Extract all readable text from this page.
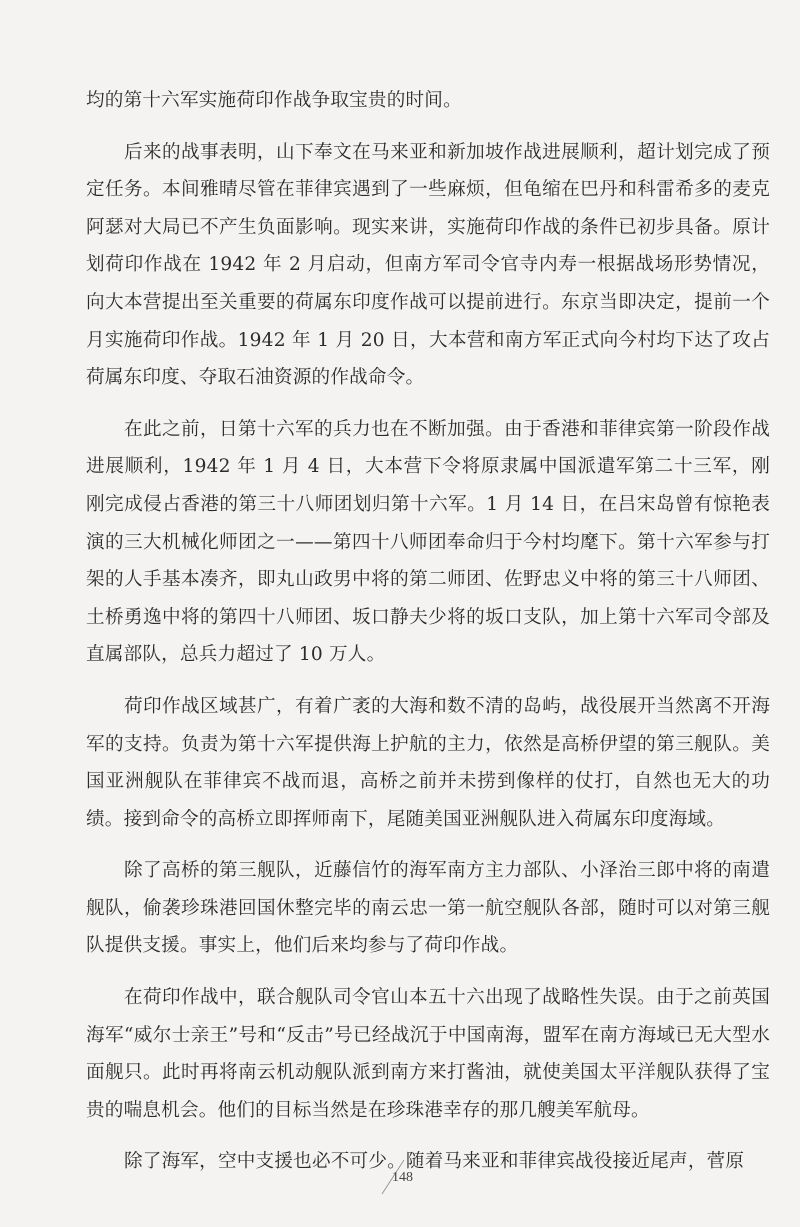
均的第十六军实施荷印作战争取宝贵的时间。

后来的战事表明，山下奉文在马来亚和新加坡作战进展顺利，超计划完成了预定任务。本间雅晴尽管在菲律宾遇到了一些麻烦，但龟缩在巴丹和科雷希多的麦克阿瑟对大局已不产生负面影响。现实来讲，实施荷印作战的条件已初步具备。原计划荷印作战在 1942 年 2 月启动，但南方军司令官寺内寿一根据战场形势情况，向大本营提出至关重要的荷属东印度作战可以提前进行。东京当即决定，提前一个月实施荷印作战。1942 年 1 月 20 日，大本营和南方军正式向今村均下达了攻占荷属东印度、夺取石油资源的作战命令。

在此之前，日第十六军的兵力也在不断加强。由于香港和菲律宾第一阶段作战进展顺利，1942 年 1 月 4 日，大本营下令将原隶属中国派遣军第二十三军，刚刚完成侵占香港的第三十八师团划归第十六军。1 月 14 日，在吕宋岛曾有惊艳表演的三大机械化师团之一——第四十八师团奉命归于今村均麾下。第十六军参与打架的人手基本凑齐，即丸山政男中将的第二师团、佐野忠义中将的第三十八师团、土桥勇逸中将的第四十八师团、坂口静夫少将的坂口支队，加上第十六军司令部及直属部队，总兵力超过了 10 万人。

荷印作战区域甚广，有着广袤的大海和数不清的岛屿，战役展开当然离不开海军的支持。负责为第十六军提供海上护航的主力，依然是高桥伊望的第三舰队。美国亚洲舰队在菲律宾不战而退，高桥之前并未捞到像样的仗打，自然也无大的功绩。接到命令的高桥立即挥师南下，尾随美国亚洲舰队进入荷属东印度海域。

除了高桥的第三舰队，近藤信竹的海军南方主力部队、小泽治三郎中将的南遣舰队，偷袭珍珠港回国休整完毕的南云忠一第一航空舰队各部，随时可以对第三舰队提供支援。事实上，他们后来均参与了荷印作战。

在荷印作战中，联合舰队司令官山本五十六出现了战略性失误。由于之前英国海军“威尔士亲王”号和“反击”号已经战沉于中国南海，盟军在南方海域已无大型水面舰只。此时再将南云机动舰队派到南方来打酱油，就使美国太平洋舰队获得了宝贵的喘息机会。他们的目标当然是在珍珠港幸存的那几艘美军航母。

除了海军，空中支援也必不可少。随着马来亚和菲律宾战役接近尾声，菅原

148
